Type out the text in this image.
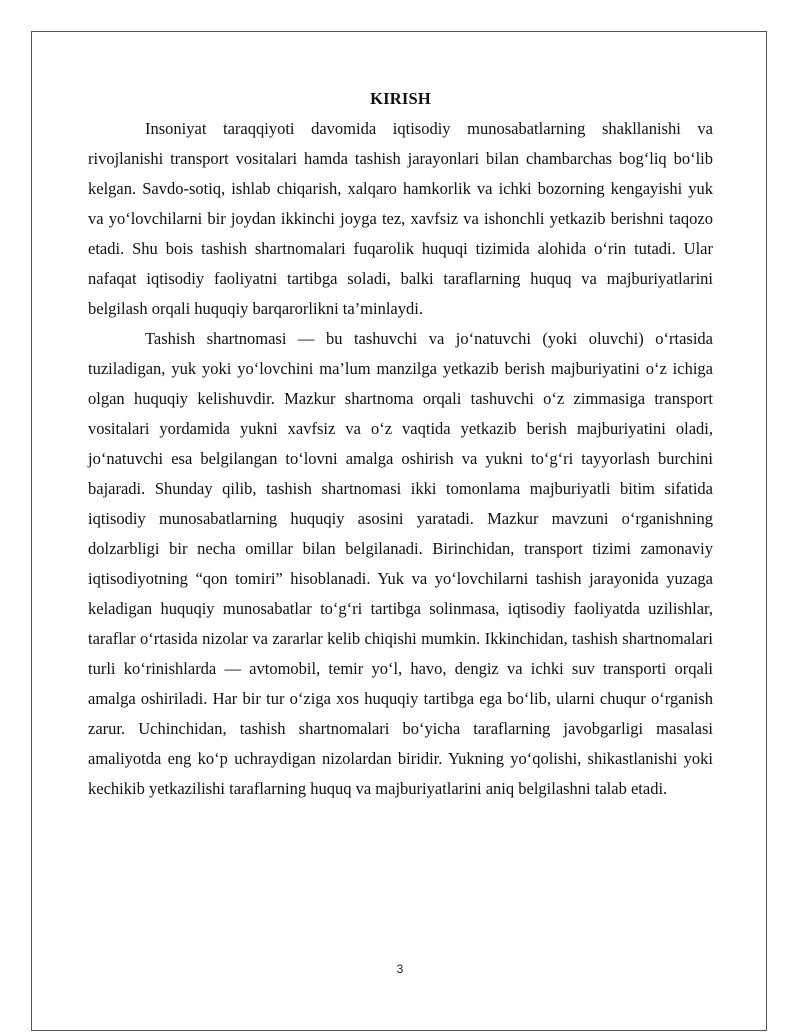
KIRISH

Insoniyat taraqqiyoti davomida iqtisodiy munosabatlarning shakllanishi va rivojlanishi transport vositalari hamda tashish jarayonlari bilan chambarchas bog‘liq bo‘lib kelgan. Savdo-sotiq, ishlab chiqarish, xalqaro hamkorlik va ichki bozorning kengayishi yuk va yo‘lovchilarni bir joydan ikkinchi joyga tez, xavfsiz va ishonchli yetkazib berishni taqozo etadi. Shu bois tashish shartnomalari fuqarolik huquqi tizimida alohida o‘rin tutadi. Ular nafaqat iqtisodiy faoliyatni tartibga soladi, balki taraflarning huquq va majburiyatlarini belgilash orqali huquqiy barqarorlikni ta’minlaydi.

Tashish shartnomasi — bu tashuvchi va jo‘natuvchi (yoki oluvchi) o‘rtasida tuziladigan, yuk yoki yo‘lovchini ma’lum manzilga yetkazib berish majburiyatini o‘z ichiga olgan huquqiy kelishuvdir. Mazkur shartnoma orqali tashuvchi o‘z zimmasiga transport vositalari yordamida yukni xavfsiz va o‘z vaqtida yetkazib berish majburiyatini oladi, jo‘natuvchi esa belgilangan to‘lovni amalga oshirish va yukni to‘g‘ri tayyorlash burchini bajaradi. Shunday qilib, tashish shartnomasi ikki tomonlama majburiyatli bitim sifatida iqtisodiy munosabatlarning huquqiy asosini yaratadi. Mazkur mavzuni o‘rganishning dolzarbligi bir necha omillar bilan belgilanadi. Birinchidan, transport tizimi zamonaviy iqtisodiyotning “qon tomiri” hisoblanadi. Yuk va yo‘lovchilarni tashish jarayonida yuzaga keladigan huquqiy munosabatlar to‘g‘ri tartibga solinmasa, iqtisodiy faoliyatda uzilishlar, taraflar o‘rtasida nizolar va zararlar kelib chiqishi mumkin. Ikkinchidan, tashish shartnomalari turli ko‘rinishlarda — avtomobil, temir yo‘l, havo, dengiz va ichki suv transporti orqali amalga oshiriladi. Har bir tur o‘ziga xos huquqiy tartibga ega bo‘lib, ularni chuqur o‘rganish zarur. Uchinchidan, tashish shartnomalari bo‘yicha taraflarning javobgarligi masalasi amaliyotda eng ko‘p uchraydigan nizolardan biridir. Yukning yo‘qolishi, shikastlanishi yoki kechikib yetkazilishi taraflarning huquq va majburiyatlarini aniq belgilashni talab etadi.

3
